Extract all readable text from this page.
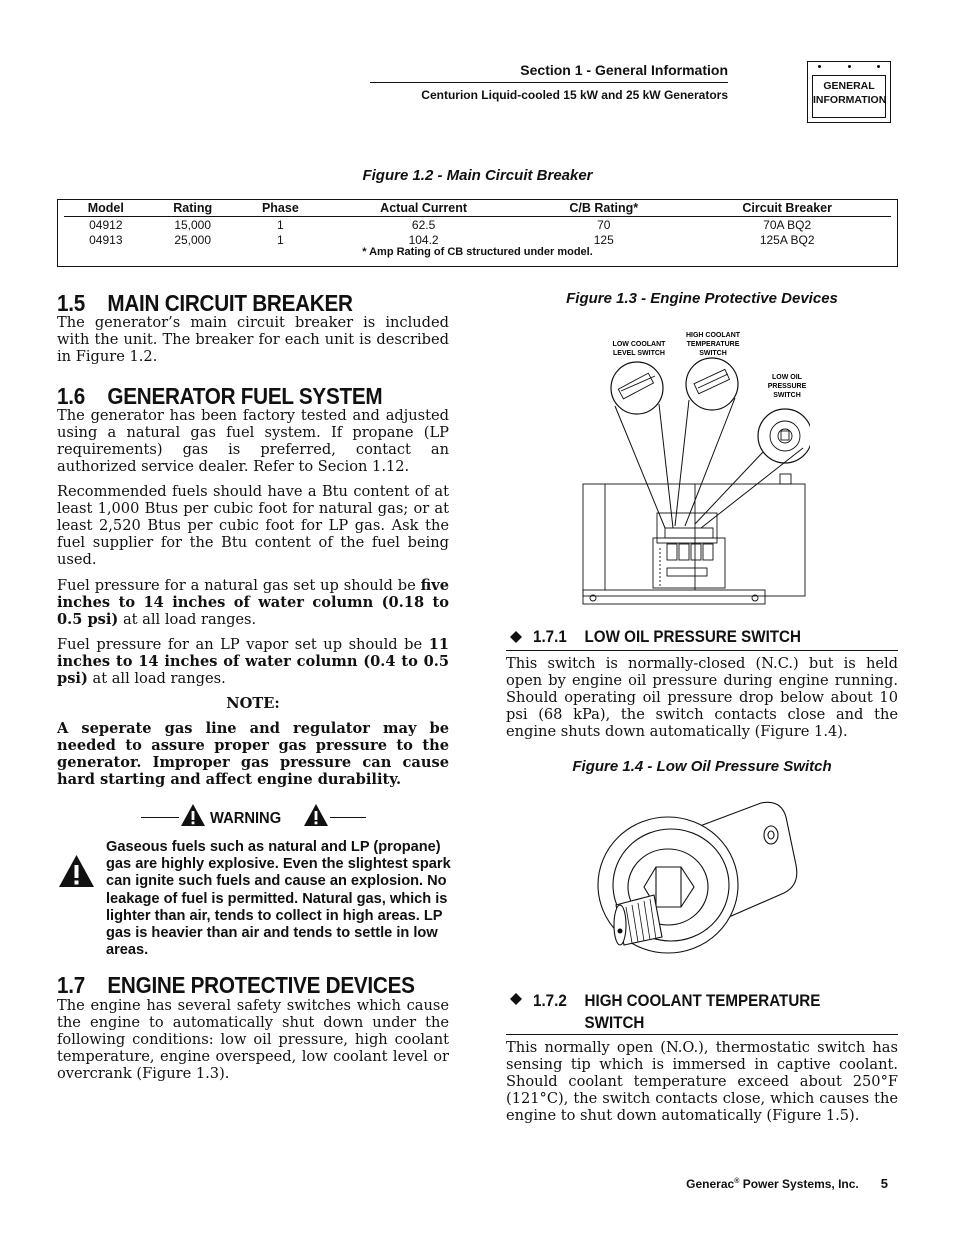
Section 1 - General Information
Centurion Liquid-cooled 15 kW and 25 kW Generators
GENERAL
INFORMATION
Figure 1.2 - Main Circuit Breaker
Model	Rating	Phase	Actual Current	C/B Rating*	Circuit Breaker
04912	15,000	1	62.5	70	70A BQ2
04913	25,000	1	104.2	125	125A BQ2
* Amp Rating of CB structured under model.
1.5 MAIN CIRCUIT BREAKER
The generator’s main circuit breaker is included with the unit. The breaker for each unit is described in Figure 1.2.
1.6 GENERATOR FUEL SYSTEM
The generator has been factory tested and adjusted using a natural gas fuel system. If propane (LP requirements) gas is preferred, contact an authorized service dealer. Refer to Secion 1.12.
Recommended fuels should have a Btu content of at least 1,000 Btus per cubic foot for natural gas; or at least 2,520 Btus per cubic foot for LP gas. Ask the fuel supplier for the Btu content of the fuel being used.
Fuel pressure for a natural gas set up should be five inches to 14 inches of water column (0.18 to 0.5 psi) at all load ranges.
Fuel pressure for an LP vapor set up should be 11 inches to 14 inches of water column (0.4 to 0.5 psi) at all load ranges.
NOTE:
A seperate gas line and regulator may be needed to assure proper gas pressure to the generator. Improper gas pressure can cause hard starting and affect engine durability.
WARNING
Gaseous fuels such as natural and LP (propane) gas are highly explosive. Even the slightest spark can ignite such fuels and cause an explosion. No leakage of fuel is permitted. Natural gas, which is lighter than air, tends to collect in high areas. LP gas is heavier than air and tends to settle in low areas.
1.7 ENGINE PROTECTIVE DEVICES
The engine has several safety switches which cause the engine to automatically shut down under the following conditions: low oil pressure, high coolant temperature, engine overspeed, low coolant level or overcrank (Figure 1.3).
Figure 1.3 - Engine Protective Devices
LOW COOLANT
LEVEL SWITCH
HIGH COOLANT
TEMPERATURE
SWITCH
LOW OIL
PRESSURE
SWITCH
1.7.1 LOW OIL PRESSURE SWITCH
This switch is normally-closed (N.C.) but is held open by engine oil pressure during engine running. Should operating oil pressure drop below about 10 psi (68 kPa), the switch contacts close and the engine shuts down automatically (Figure 1.4).
Figure 1.4 - Low Oil Pressure Switch
1.7.2 HIGH COOLANT TEMPERATURE
SWITCH
This normally open (N.O.), thermostatic switch has sensing tip which is immersed in captive coolant. Should coolant temperature exceed about 250°F (121°C), the switch contacts close, which causes the engine to shut down automatically (Figure 1.5).
Generac® Power Systems, Inc. 5
